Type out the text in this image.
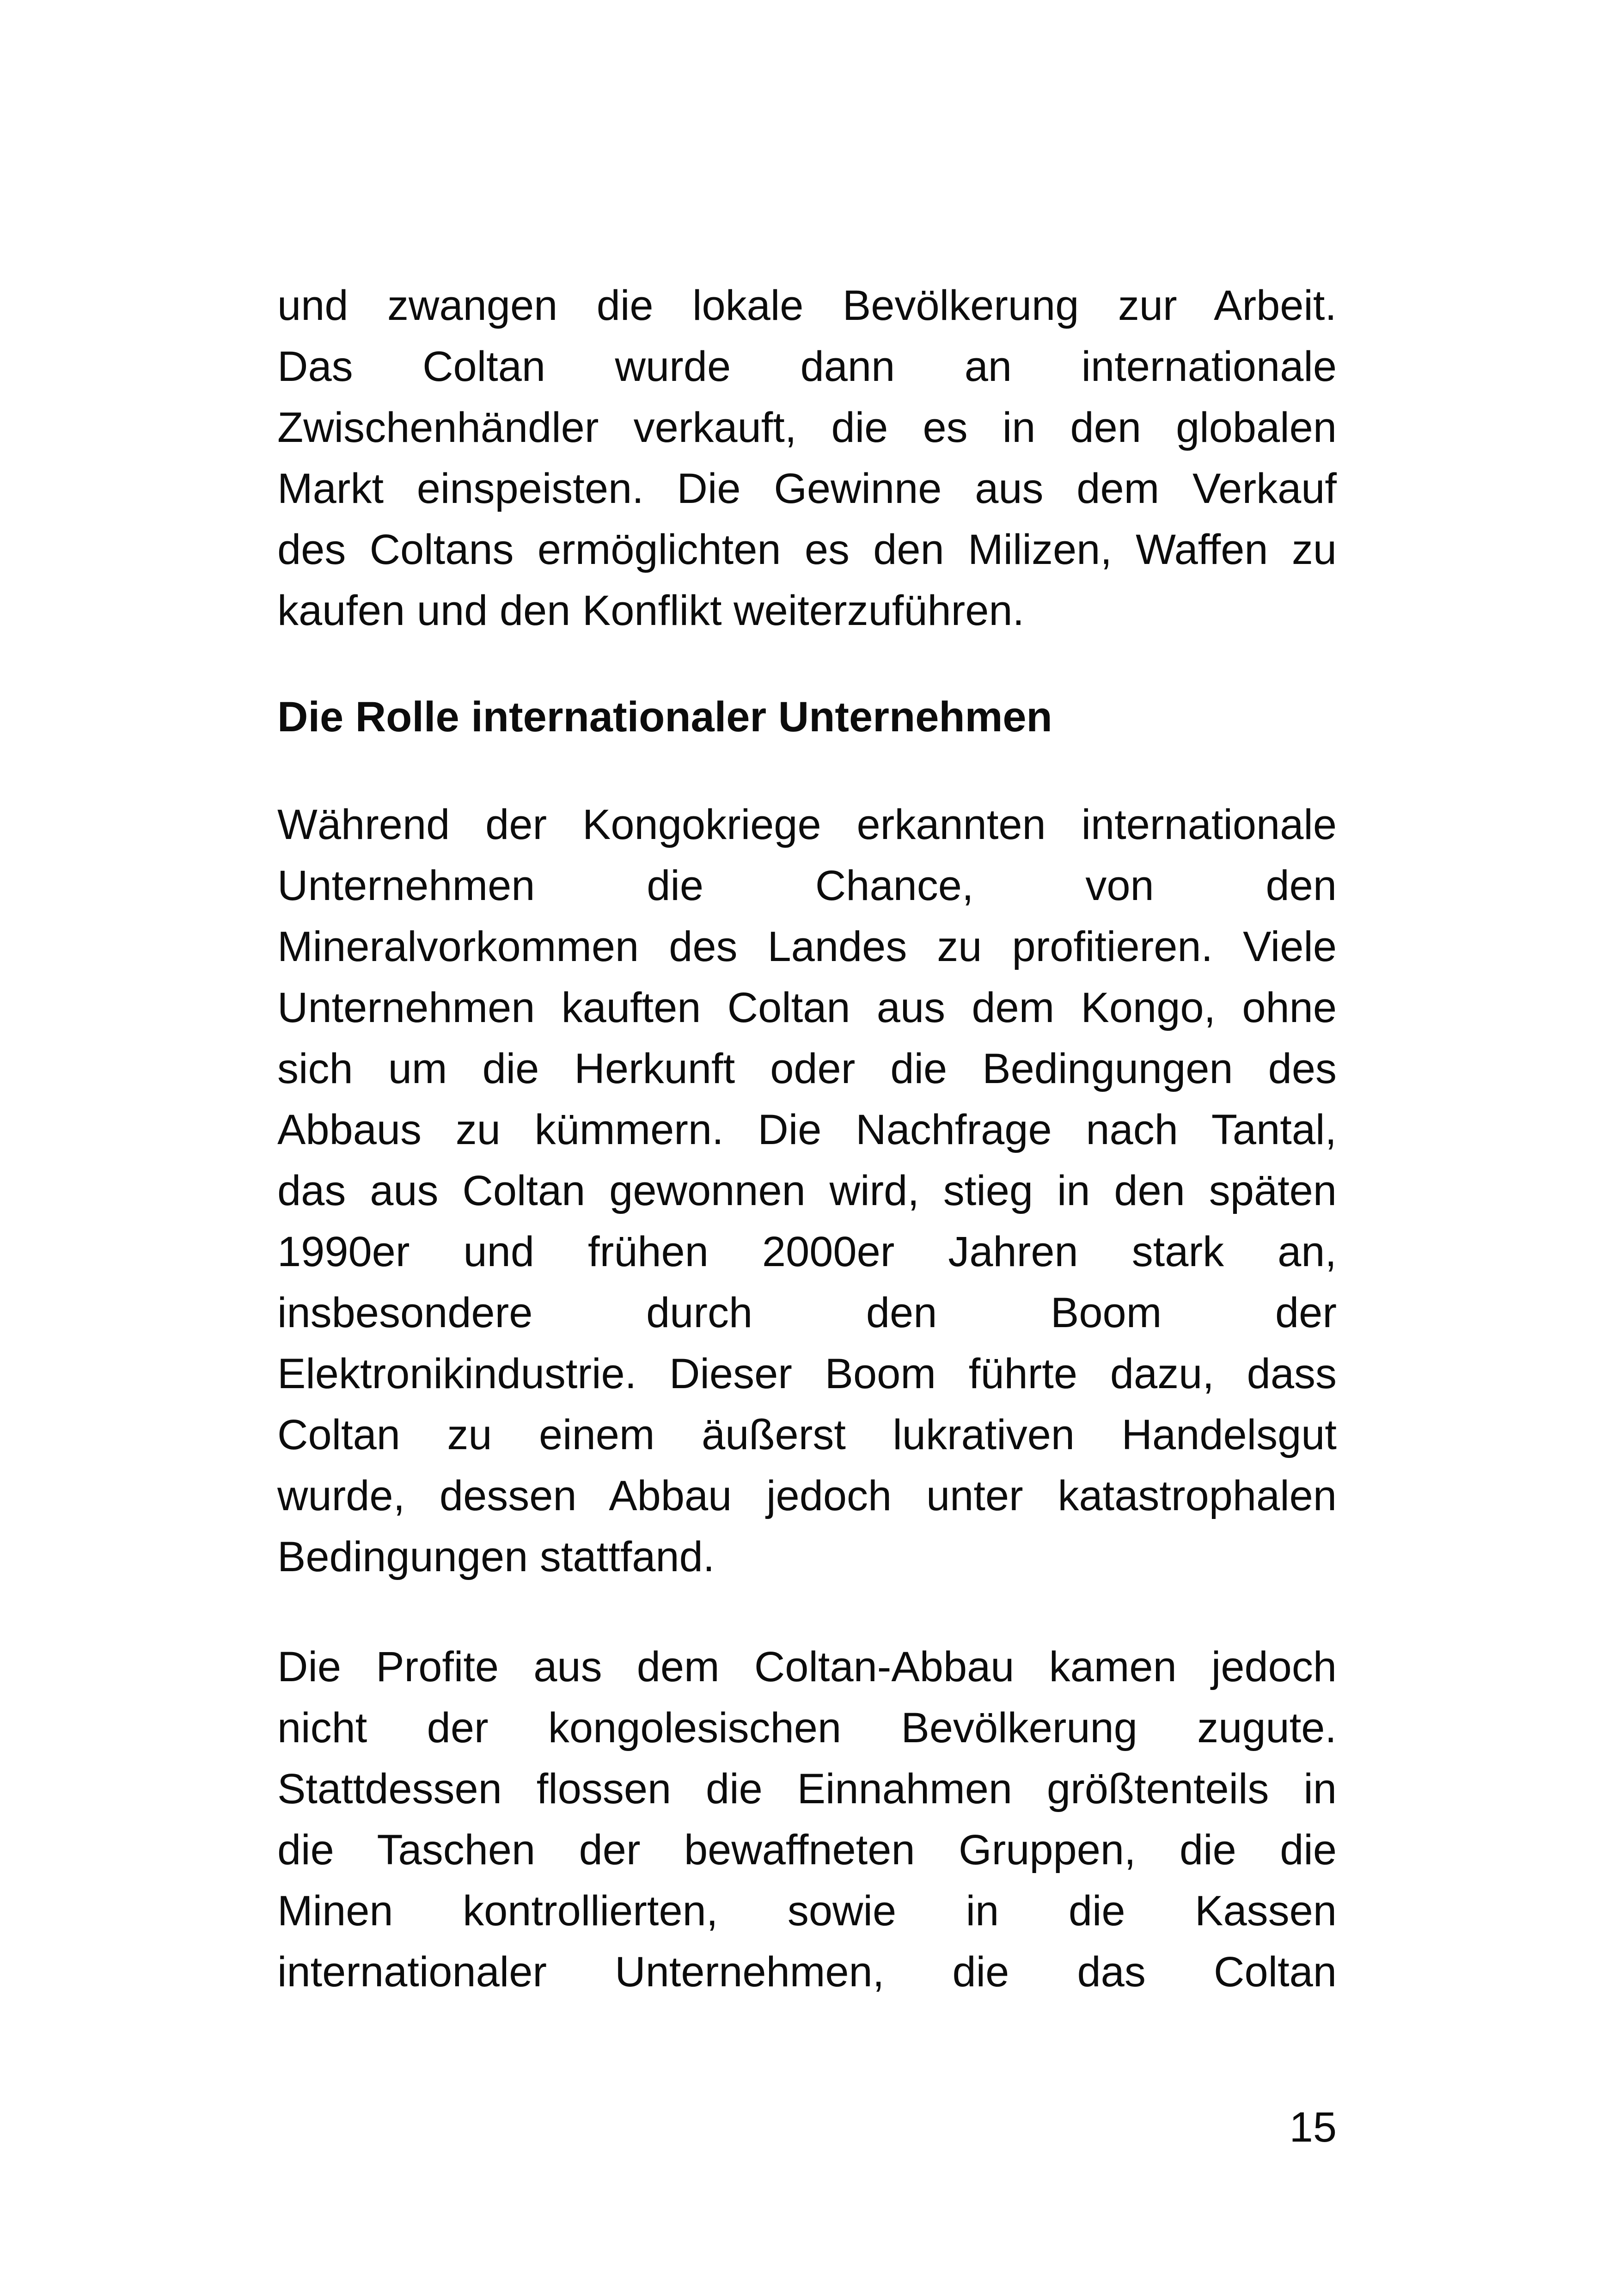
und zwangen die lokale Bevölkerung zur Arbeit.
Das Coltan wurde dann an internationale
Zwischenhändler verkauft, die es in den globalen
Markt einspeisten. Die Gewinne aus dem Verkauf
des Coltans ermöglichten es den Milizen, Waffen zu
kaufen und den Konflikt weiterzuführen.
Die Rolle internationaler Unternehmen
Während der Kongokriege erkannten internationale
Unternehmen die Chance, von den
Mineralvorkommen des Landes zu profitieren. Viele
Unternehmen kauften Coltan aus dem Kongo, ohne
sich um die Herkunft oder die Bedingungen des
Abbaus zu kümmern. Die Nachfrage nach Tantal,
das aus Coltan gewonnen wird, stieg in den späten
1990er und frühen 2000er Jahren stark an,
insbesondere durch den Boom der
Elektronikindustrie. Dieser Boom führte dazu, dass
Coltan zu einem äußerst lukrativen Handelsgut
wurde, dessen Abbau jedoch unter katastrophalen
Bedingungen stattfand.
Die Profite aus dem Coltan-Abbau kamen jedoch
nicht der kongolesischen Bevölkerung zugute.
Stattdessen flossen die Einnahmen größtenteils in
die Taschen der bewaffneten Gruppen, die die
Minen kontrollierten, sowie in die Kassen
internationaler Unternehmen, die das Coltan
15
